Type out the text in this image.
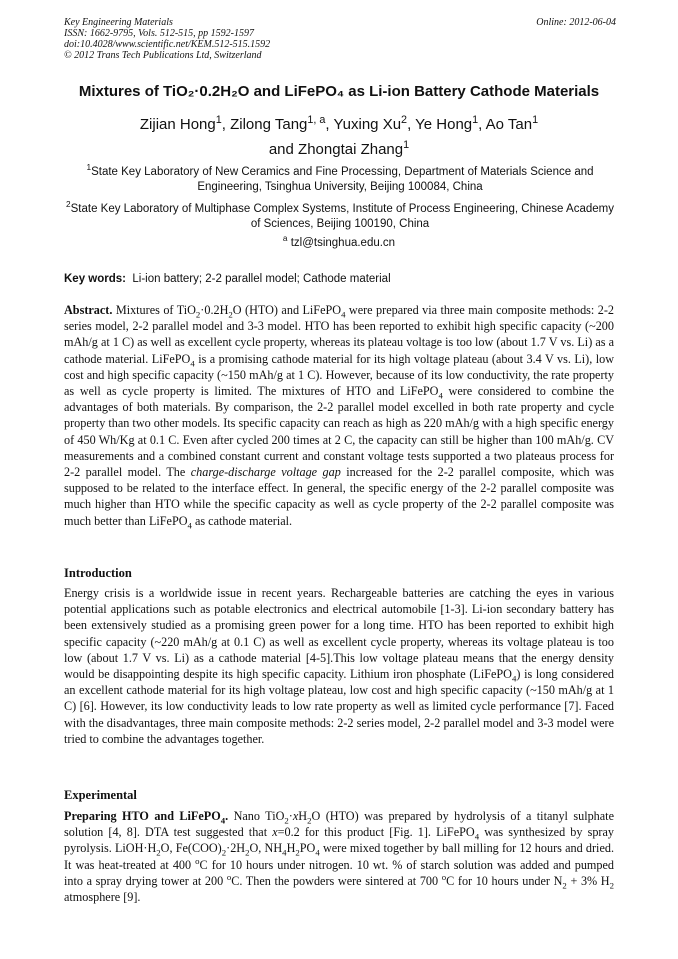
Key Engineering Materials
ISSN: 1662-9795, Vols. 512-515, pp 1592-1597
doi:10.4028/www.scientific.net/KEM.512-515.1592
© 2012 Trans Tech Publications Ltd, Switzerland
Online: 2012-06-04
Mixtures of TiO₂·0.2H₂O and LiFePO₄ as Li-ion Battery Cathode Materials
Zijian Hong$^1$, Zilong Tang$^{1, a}$, Yuxing Xu$^2$, Ye Hong$^1$, Ao Tan$^1$
and Zhongtai Zhang$^1$
$^1$State Key Laboratory of New Ceramics and Fine Processing, Department of Materials Science and Engineering, Tsinghua University, Beijing 100084, China
$^2$State Key Laboratory of Multiphase Complex Systems, Institute of Process Engineering, Chinese Academy of Sciences, Beijing 100190, China
$^a$ tzl@tsinghua.edu.cn
Key words: Li-ion battery; 2-2 parallel model; Cathode material
Abstract. Mixtures of $TiO_2\cdot 0.2H_2O$ (HTO) and LiFePO$_4$ were prepared via three main composite methods: 2-2 series model, 2-2 parallel model and 3-3 model. HTO has been reported to exhibit high specific capacity (~200 mAh/g at 1 C) as well as excellent cycle property, whereas its plateau voltage is too low (about 1.7 V vs. Li) as a cathode material. LiFePO$_4$ is a promising cathode material for its high voltage plateau (about 3.4 V vs. Li), low cost and high specific capacity (~150 mAh/g at 1 C). However, because of its low conductivity, the rate property as well as cycle property is limited. The mixtures of HTO and LiFePO$_4$ were considered to combine the advantages of both materials. By comparison, the 2-2 parallel model excelled in both rate property and cycle property than two other models. Its specific capacity can reach as high as 220 mAh/g with a high specific energy of 450 Wh/Kg at 0.1 C. Even after cycled 200 times at 2 C, the capacity can still be higher than 100 mAh/g. CV measurements and a combined constant current and constant voltage tests supported a two plateaus process for 2-2 parallel model. The charge-discharge voltage gap increased for the 2-2 parallel composite, which was supposed to be related to the interface effect. In general, the specific energy of the 2-2 parallel composite was much higher than HTO while the specific capacity as well as cycle property of the 2-2 parallel composite was much better than LiFePO$_4$ as cathode material.
Introduction
Energy crisis is a worldwide issue in recent years. Rechargeable batteries are catching the eyes in various potential applications such as potable electronics and electrical automobile [1-3]. Li-ion secondary battery has been extensively studied as a promising green power for a long time. HTO has been reported to exhibit high specific capacity (~220 mAh/g at 0.1 C) as well as excellent cycle property, whereas its voltage plateau is too low (about 1.7 V vs. Li) as a cathode material [4-5].This low voltage plateau means that the energy density would be disappointing despite its high specific capacity. Lithium iron phosphate (LiFePO$_4$) is long considered an excellent cathode material for its high voltage plateau, low cost and high specific capacity (~150 mAh/g at 1 C) [6]. However, its low conductivity leads to low rate property as well as limited cycle performance [7]. Faced with the disadvantages, three main composite methods: 2-2 series model, 2-2 parallel model and 3-3 model were tried to combine the advantages together.
Experimental
Preparing HTO and LiFePO$_4$. Nano $TiO_2\cdot xH_2O$ (HTO) was prepared by hydrolysis of a titanyl sulphate solution [4, 8]. DTA test suggested that x=0.2 for this product [Fig. 1]. LiFePO$_4$ was synthesized by spray pyrolysis. $LiOH\cdot H_2O$, $Fe(COO)_2\cdot 2H_2O$, $NH_4H_2PO_4$ were mixed together by ball milling for 12 hours and dried. It was heat-treated at 400 $^o$C for 10 hours under nitrogen. 10 wt. % of starch solution was added and pumped into a spray drying tower at 200 $^o$C. Then the powders were sintered at 700 $^o$C for 10 hours under $N_2 + 3\%$ $H_2$ atmosphere [9].
